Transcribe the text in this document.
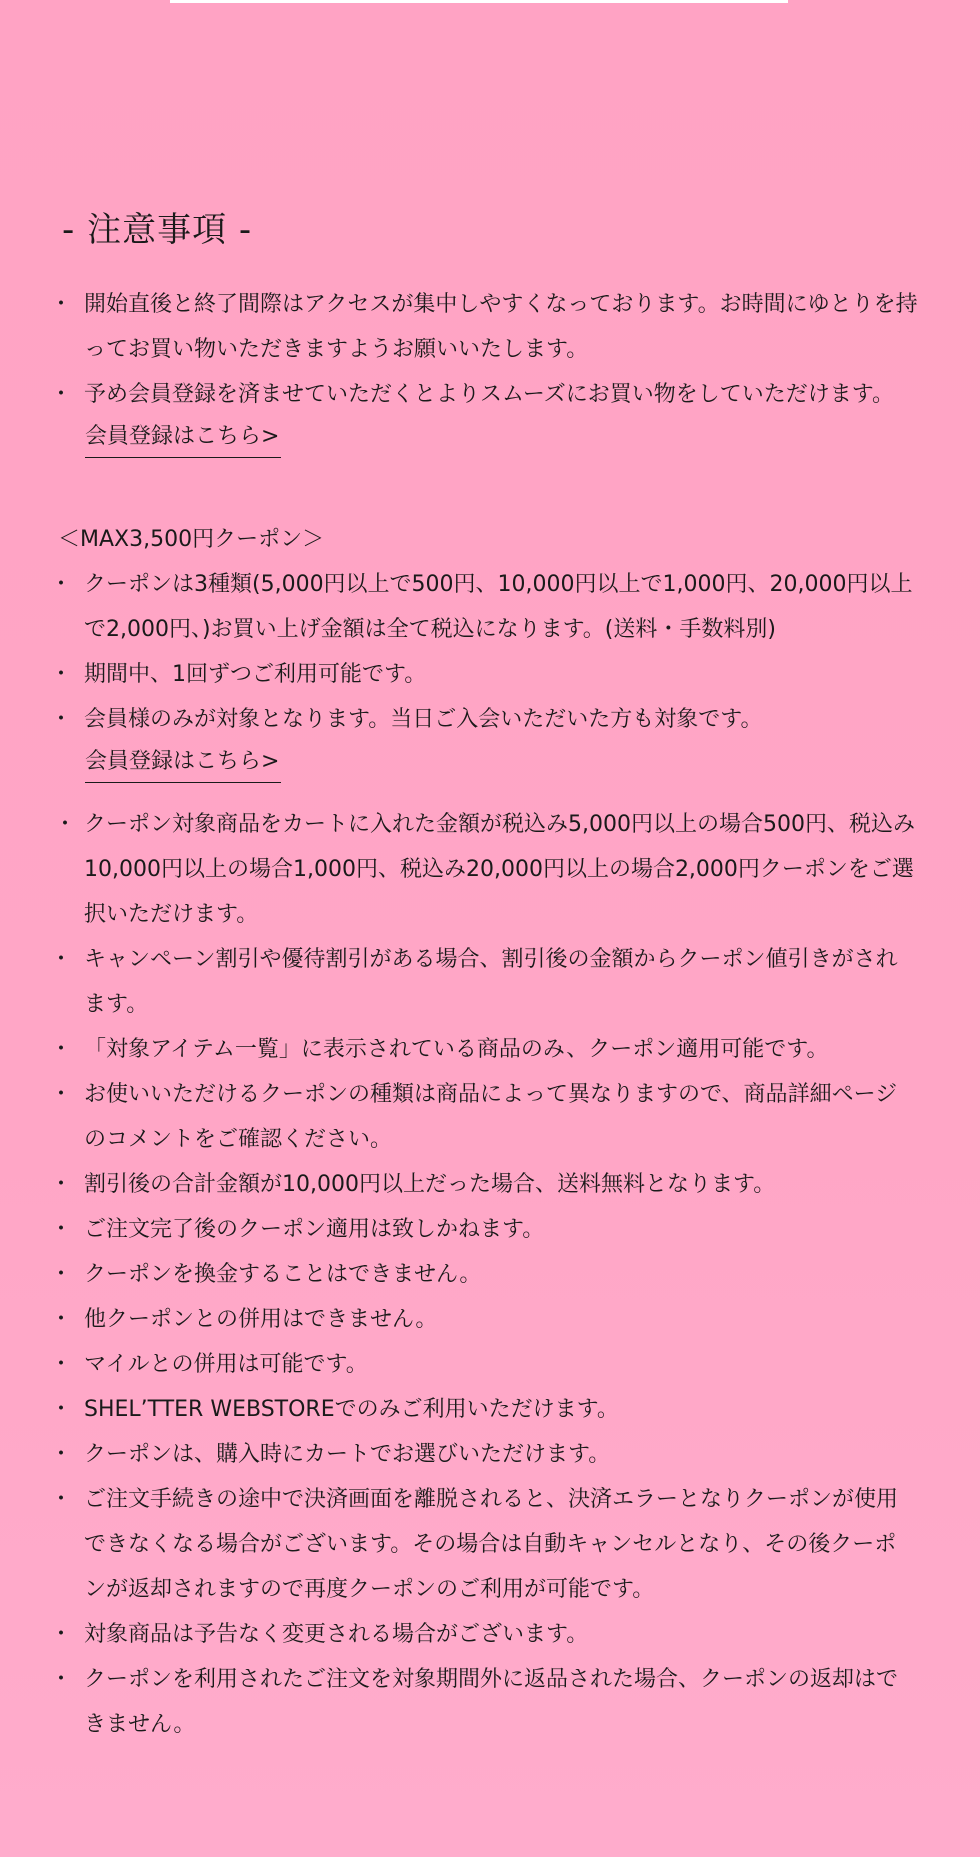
- 注意事項 -
・ 開始直後と終了間際はアクセスが集中しやすくなっております。お時間にゆとりを持ってお買い物いただきますようお願いいたします。
・ 予め会員登録を済ませていただくとよりスムーズにお買い物をしていただけます。
会員登録はこちら>

＜MAX3,500円クーポン＞

・ クーポンは3種類(5,000円以上で500円、10,000円以上で1,000円、20,000円以上で2,000円、)お買い上げ金額は全て税込になります。(送料・手数料別)
・ 期間中、1回ずつご利用可能です。
・ 会員様のみが対象となります。当日ご入会いただいた方も対象です。
会員登録はこちら>
・ クーポン対象商品をカートに入れた金額が税込み5,000円以上の場合500円、税込み10,000円以上の場合1,000円、税込み20,000円以上の場合2,000円クーポンをご選択いただけます。
・ キャンペーン割引や優待割引がある場合、割引後の金額からクーポン値引きがされます。
・ 「対象アイテム一覧」に表示されている商品のみ、クーポン適用可能です。
・ お使いいただけるクーポンの種類は商品によって異なりますので、商品詳細ページのコメントをご確認ください。
・ 割引後の合計金額が10,000円以上だった場合、送料無料となります。
・ ご注文完了後のクーポン適用は致しかねます。
・ クーポンを換金することはできません。
・ 他クーポンとの併用はできません。
・ マイルとの併用は可能です。
・ SHEL’TTER WEBSTOREでのみご利用いただけます。
・ クーポンは、購入時にカートでお選びいただけます。
・ ご注文手続きの途中で決済画面を離脱されると、決済エラーとなりクーポンが使用できなくなる場合がございます。その場合は自動キャンセルとなり、その後クーポンが返却されますので再度クーポンのご利用が可能です。
・ 対象商品は予告なく変更される場合がございます。
・ クーポンを利用されたご注文を対象期間外に返品された場合、クーポンの返却はできません。
